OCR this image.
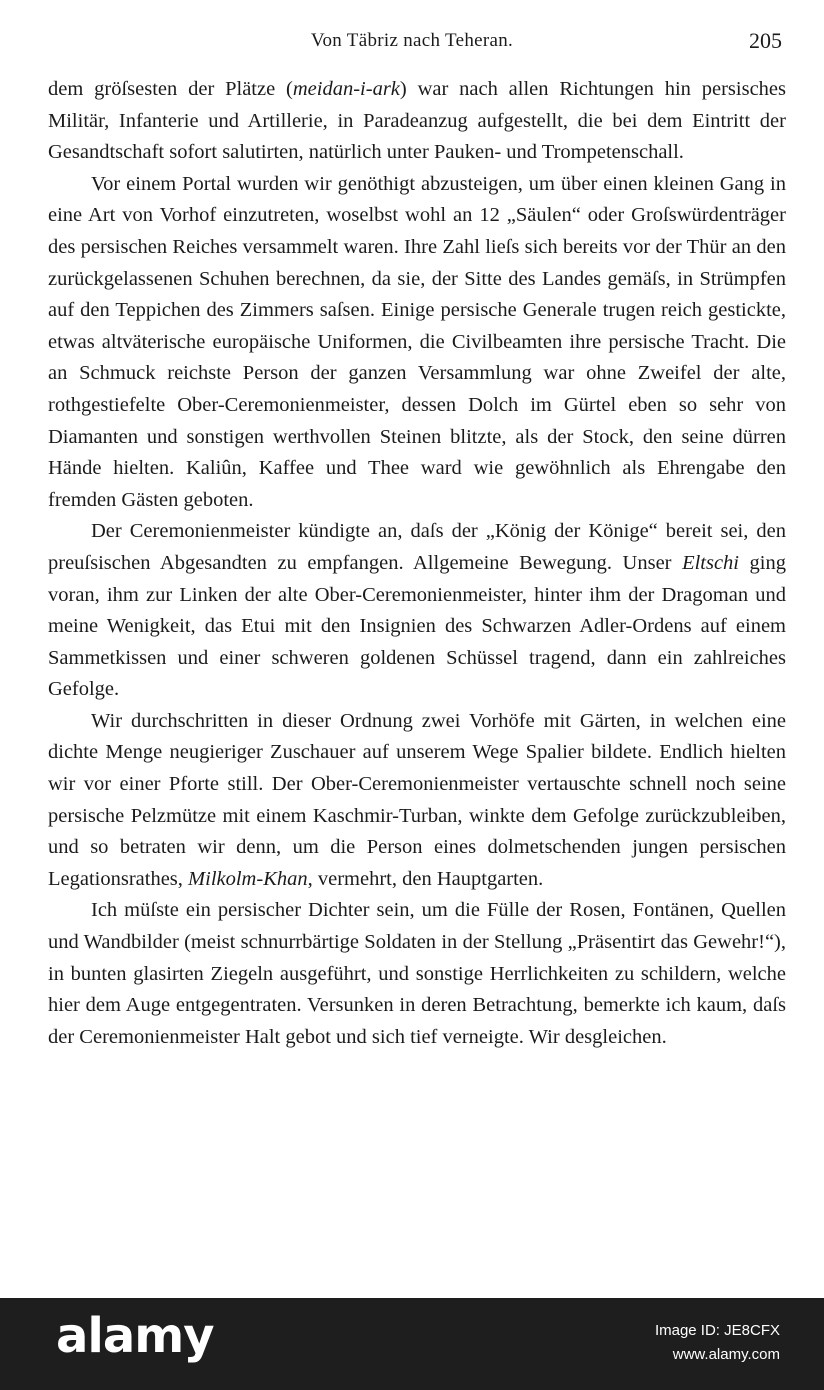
Von Täbriz nach Teheran.	205

dem gröſsesten der Plätze (meidan-i-ark) war nach allen Richtungen hin persisches Militär, Infanterie und Artillerie, in Paradeanzug aufgestellt, die bei dem Eintritt der Gesandtschaft sofort salutirten, natürlich unter Pauken- und Trompetenschall.

Vor einem Portal wurden wir genöthigt abzusteigen, um über einen kleinen Gang in eine Art von Vorhof einzutreten, woselbst wohl an 12 „Säulen“ oder Groſswürdenträger des persischen Reiches versammelt waren. Ihre Zahl lieſs sich bereits vor der Thür an den zurückgelassenen Schuhen berechnen, da sie, der Sitte des Landes gemäſs, in Strümpfen auf den Teppichen des Zimmers saſsen. Einige persische Generale trugen reich gestickte, etwas altväterische europäische Uniformen, die Civilbeamten ihre persische Tracht. Die an Schmuck reichste Person der ganzen Versammlung war ohne Zweifel der alte, rothgestiefelte Ober-Ceremonienmeister, dessen Dolch im Gürtel eben so sehr von Diamanten und sonstigen werthvollen Steinen blitzte, als der Stock, den seine dürren Hände hielten. Kaliûn, Kaffee und Thee ward wie gewöhnlich als Ehrengabe den fremden Gästen geboten.

Der Ceremonienmeister kündigte an, daſs der „König der Könige“ bereit sei, den preuſsischen Abgesandten zu empfangen. Allgemeine Bewegung. Unser Eltschi ging voran, ihm zur Linken der alte Ober-Ceremonienmeister, hinter ihm der Dragoman und meine Wenigkeit, das Etui mit den Insignien des Schwarzen Adler-Ordens auf einem Sammetkissen und einer schweren goldenen Schüssel tragend, dann ein zahlreiches Gefolge.

Wir durchschritten in dieser Ordnung zwei Vorhöfe mit Gärten, in welchen eine dichte Menge neugieriger Zuschauer auf unserem Wege Spalier bildete. Endlich hielten wir vor einer Pforte still. Der Ober-Ceremonienmeister vertauschte schnell noch seine persische Pelzmütze mit einem Kaschmir-Turban, winkte dem Gefolge zurückzubleiben, und so betraten wir denn, um die Person eines dolmetschenden jungen persischen Legationsrathes, Milkolm-Khan, vermehrt, den Hauptgarten.

Ich müſste ein persischer Dichter sein, um die Fülle der Rosen, Fontänen, Quellen und Wandbilder (meist schnurrbärtige Soldaten in der Stellung „Präsentirt das Gewehr!“), in bunten glasirten Ziegeln ausgeführt, und sonstige Herrlichkeiten zu schildern, welche hier dem Auge entgegentraten. Versunken in deren Betrachtung, bemerkte ich kaum, daſs der Ceremonienmeister Halt gebot und sich tief verneigte. Wir desgleichen.

alamy	Image ID: JE8CFX
www.alamy.com
